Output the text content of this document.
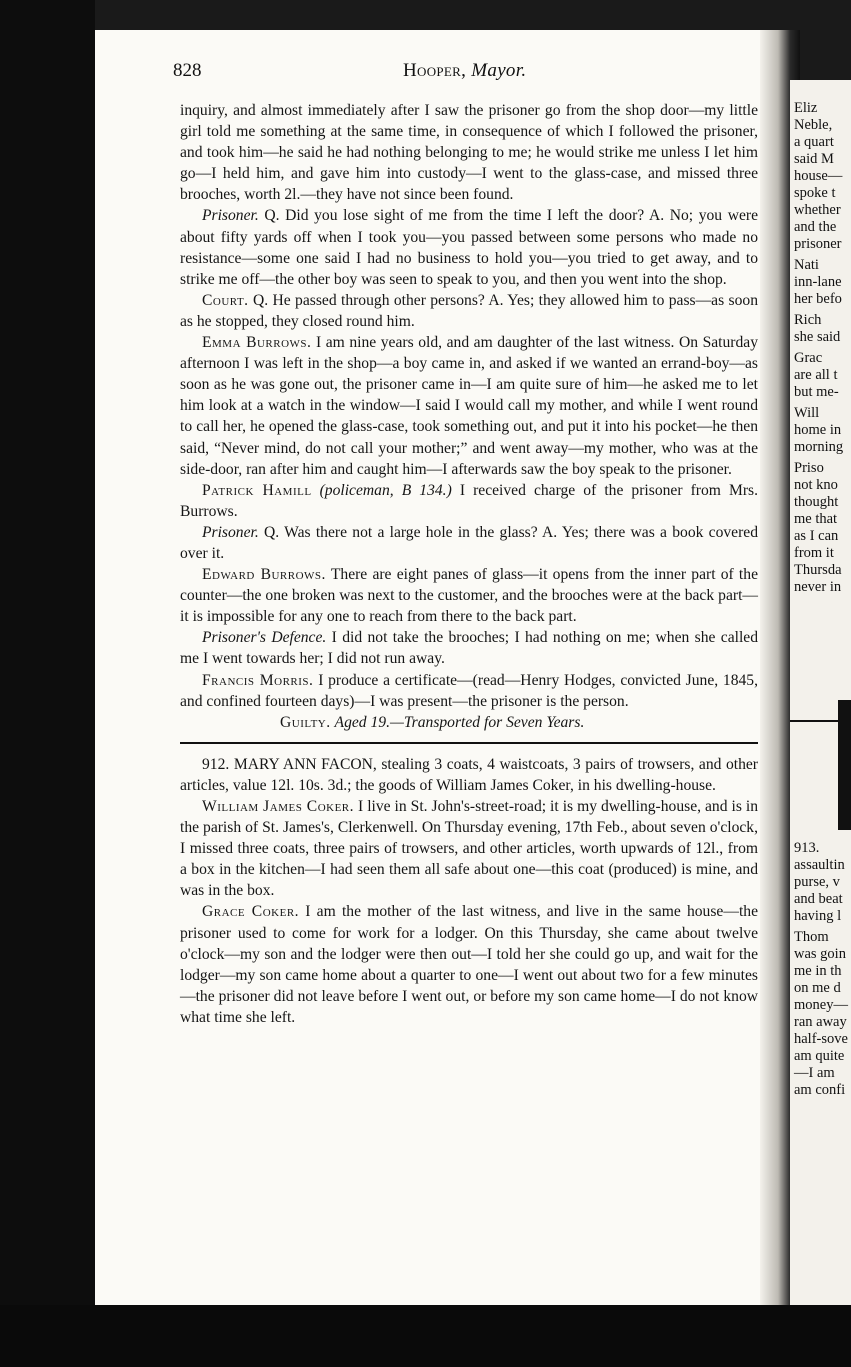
Eliz
Neble,
a quart
said M
house—
spoke t
whether
and the
prisoner
Nati
inn-lane
her befo
Rich
she said
Grac
are all t
but me-
Will
home in
morning
Priso
not kno
thought
me that
as I can
from it
Thursda
never in
913.
assaultin
purse, v
and beat
having l
Thom
was goin
me in th
on me d
money—
ran away
half-sove
am quite
—I am
am confi
828	Hooper, Mayor.

inquiry, and almost immediately after I saw the prisoner go from the shop door—my little girl told me something at the same time, in consequence of which I followed the prisoner, and took him—he said he had nothing belonging to me; he would strike me unless I let him go—I held him, and gave him into custody—I went to the glass-case, and missed three brooches, worth 2l.—they have not since been found.

Prisoner. Q. Did you lose sight of me from the time I left the door? A. No; you were about fifty yards off when I took you—you passed between some persons who made no resistance—some one said I had no business to hold you—you tried to get away, and to strike me off—the other boy was seen to speak to you, and then you went into the shop.

Court. Q. He passed through other persons? A. Yes; they allowed him to pass—as soon as he stopped, they closed round him.

Emma Burrows. I am nine years old, and am daughter of the last witness. On Saturday afternoon I was left in the shop—a boy came in, and asked if we wanted an errand-boy—as soon as he was gone out, the prisoner came in—I am quite sure of him—he asked me to let him look at a watch in the window—I said I would call my mother, and while I went round to call her, he opened the glass-case, took something out, and put it into his pocket—he then said, “Never mind, do not call your mother;” and went away—my mother, who was at the side-door, ran after him and caught him—I afterwards saw the boy speak to the prisoner.

Patrick Hamill (policeman, B 134.) I received charge of the prisoner from Mrs. Burrows.

Prisoner. Q. Was there not a large hole in the glass? A. Yes; there was a book covered over it.

Edward Burrows. There are eight panes of glass—it opens from the inner part of the counter—the one broken was next to the customer, and the brooches were at the back part—it is impossible for any one to reach from there to the back part.

Prisoner's Defence. I did not take the brooches; I had nothing on me; when she called me I went towards her; I did not run away.

Francis Morris. I produce a certificate—(read—Henry Hodges, convicted June, 1845, and confined fourteen days)—I was present—the prisoner is the person.

Guilty. Aged 19.—Transported for Seven Years.

912. MARY ANN FACON, stealing 3 coats, 4 waistcoats, 3 pairs of trowsers, and other articles, value 12l. 10s. 3d.; the goods of William James Coker, in his dwelling-house.

William James Coker. I live in St. John's-street-road; it is my dwelling-house, and is in the parish of St. James's, Clerkenwell. On Thursday evening, 17th Feb., about seven o'clock, I missed three coats, three pairs of trowsers, and other articles, worth upwards of 12l., from a box in the kitchen—I had seen them all safe about one—this coat (produced) is mine, and was in the box.

Grace Coker. I am the mother of the last witness, and live in the same house—the prisoner used to come for work for a lodger. On this Thursday, she came about twelve o'clock—my son and the lodger were then out—I told her she could go up, and wait for the lodger—my son came home about a quarter to one—I went out about two for a few minutes—the prisoner did not leave before I went out, or before my son came home—I do not know what time she left.
